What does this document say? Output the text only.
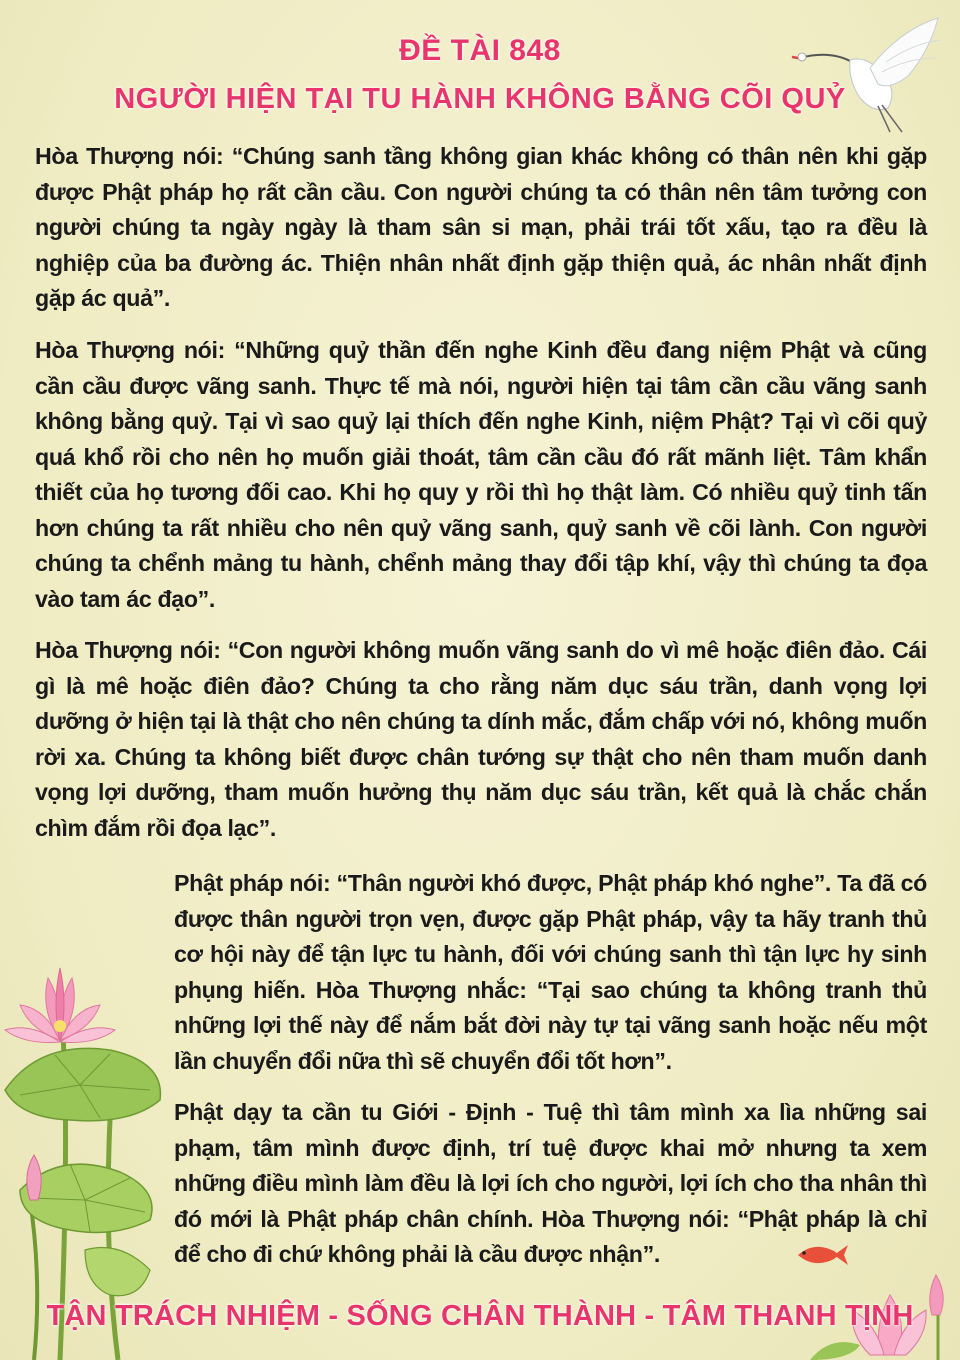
ĐỀ TÀI 848
NGƯỜI HIỆN TẠI TU HÀNH KHÔNG BẰNG CÕI QUỶ

Hòa Thượng nói: “Chúng sanh tầng không gian khác không có thân nên khi gặp được Phật pháp họ rất cần cầu. Con người chúng ta có thân nên tâm tưởng con người chúng ta ngày ngày là tham sân si mạn, phải trái tốt xấu, tạo ra đều là nghiệp của ba đường ác. Thiện nhân nhất định gặp thiện quả, ác nhân nhất định gặp ác quả”.

Hòa Thượng nói: “Những quỷ thần đến nghe Kinh đều đang niệm Phật và cũng cần cầu được vãng sanh. Thực tế mà nói, người hiện tại tâm cần cầu vãng sanh không bằng quỷ. Tại vì sao quỷ lại thích đến nghe Kinh, niệm Phật? Tại vì cõi quỷ quá khổ rồi cho nên họ muốn giải thoát, tâm cần cầu đó rất mãnh liệt. Tâm khẩn thiết của họ tương đối cao. Khi họ quy y rồi thì họ thật làm. Có nhiều quỷ tinh tấn hơn chúng ta rất nhiều cho nên quỷ vãng sanh, quỷ sanh về cõi lành. Con người chúng ta chểnh mảng tu hành, chểnh mảng thay đổi tập khí, vậy thì chúng ta đọa vào tam ác đạo”.

Hòa Thượng nói: “Con người không muốn vãng sanh do vì mê hoặc điên đảo. Cái gì là mê hoặc điên đảo? Chúng ta cho rằng năm dục sáu trần, danh vọng lợi dưỡng ở hiện tại là thật cho nên chúng ta dính mắc, đắm chấp với nó, không muốn rời xa. Chúng ta không biết được chân tướng sự thật cho nên tham muốn danh vọng lợi dưỡng, tham muốn hưởng thụ năm dục sáu trần, kết quả là chắc chắn chìm đắm rồi đọa lạc”.

Phật pháp nói: “Thân người khó được, Phật pháp khó nghe”. Ta đã có được thân người trọn vẹn, được gặp Phật pháp, vậy ta hãy tranh thủ cơ hội này để tận lực tu hành, đối với chúng sanh thì tận lực hy sinh phụng hiến. Hòa Thượng nhắc: “Tại sao chúng ta không tranh thủ những lợi thế này để nắm bắt đời này tự tại vãng sanh hoặc nếu một lần chuyển đổi nữa thì sẽ chuyển đổi tốt hơn”.

Phật dạy ta cần tu Giới - Định - Tuệ thì tâm mình xa lìa những sai phạm, tâm mình được định, trí tuệ được khai mở nhưng ta xem những điều mình làm đều là lợi ích cho người, lợi ích cho tha nhân thì đó mới là Phật pháp chân chính. Hòa Thượng nói: “Phật pháp là chỉ để cho đi chứ không phải là cầu được nhận”.

TẬN TRÁCH NHIỆM - SỐNG CHÂN THÀNH - TÂM THANH TỊNH
